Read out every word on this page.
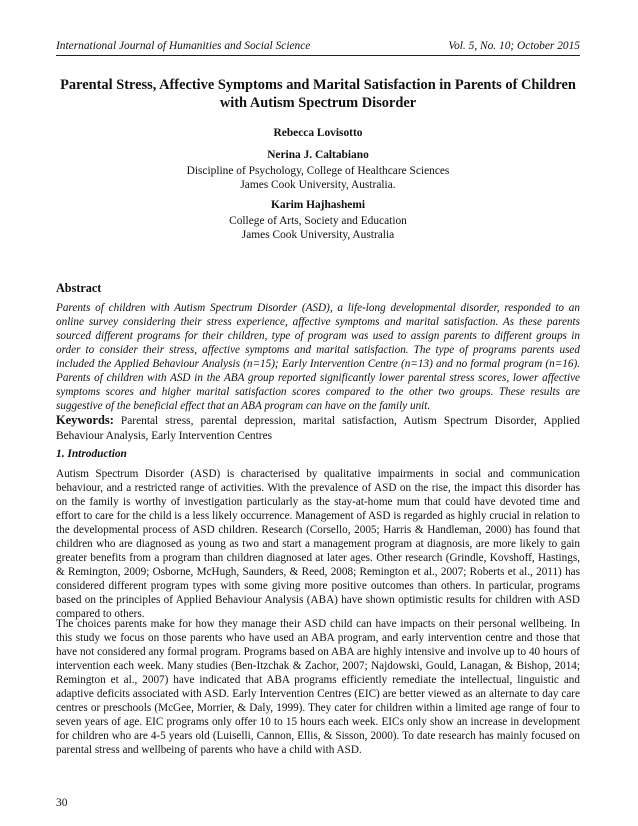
International Journal of Humanities and Social Science	Vol. 5, No. 10; October 2015
Parental Stress, Affective Symptoms and Marital Satisfaction in Parents of Children with Autism Spectrum Disorder
Rebecca Lovisotto
Nerina J. Caltabiano
Discipline of Psychology, College of Healthcare Sciences
James Cook University, Australia.
Karim Hajhashemi
College of Arts, Society and Education
James Cook University, Australia
Abstract
Parents of children with Autism Spectrum Disorder (ASD), a life-long developmental disorder, responded to an online survey considering their stress experience, affective symptoms and marital satisfaction. As these parents sourced different programs for their children, type of program was used to assign parents to different groups in order to consider their stress, affective symptoms and marital satisfaction. The type of programs parents used included the Applied Behaviour Analysis (n=15); Early Intervention Centre (n=13) and no formal program (n=16). Parents of children with ASD in the ABA group reported significantly lower parental stress scores, lower affective symptoms scores and higher marital satisfaction scores compared to the other two groups. These results are suggestive of the beneficial effect that an ABA program can have on the family unit.
Keywords: Parental stress, parental depression, marital satisfaction, Autism Spectrum Disorder, Applied Behaviour Analysis, Early Intervention Centres
1. Introduction
Autism Spectrum Disorder (ASD) is characterised by qualitative impairments in social and communication behaviour, and a restricted range of activities. With the prevalence of ASD on the rise, the impact this disorder has on the family is worthy of investigation particularly as the stay-at-home mum that could have devoted time and effort to care for the child is a less likely occurrence. Management of ASD is regarded as highly crucial in relation to the developmental process of ASD children. Research (Corsello, 2005; Harris & Handleman, 2000) has found that children who are diagnosed as young as two and start a management program at diagnosis, are more likely to gain greater benefits from a program than children diagnosed at later ages. Other research (Grindle, Kovshoff, Hastings, & Remington, 2009; Osborne, McHugh, Saunders, & Reed, 2008; Remington et al., 2007; Roberts et al., 2011) has considered different program types with some giving more positive outcomes than others. In particular, programs based on the principles of Applied Behaviour Analysis (ABA) have shown optimistic results for children with ASD compared to others.
The choices parents make for how they manage their ASD child can have impacts on their personal wellbeing. In this study we focus on those parents who have used an ABA program, and early intervention centre and those that have not considered any formal program. Programs based on ABA are highly intensive and involve up to 40 hours of intervention each week. Many studies (Ben-Itzchak & Zachor, 2007; Najdowski, Gould, Lanagan, & Bishop, 2014; Remington et al., 2007) have indicated that ABA programs efficiently remediate the intellectual, linguistic and adaptive deficits associated with ASD. Early Intervention Centres (EIC) are better viewed as an alternate to day care centres or preschools (McGee, Morrier, & Daly, 1999). They cater for children within a limited age range of four to seven years of age. EIC programs only offer 10 to 15 hours each week. EICs only show an increase in development for children who are 4-5 years old (Luiselli, Cannon, Ellis, & Sisson, 2000). To date research has mainly focused on parental stress and wellbeing of parents who have a child with ASD.
30
